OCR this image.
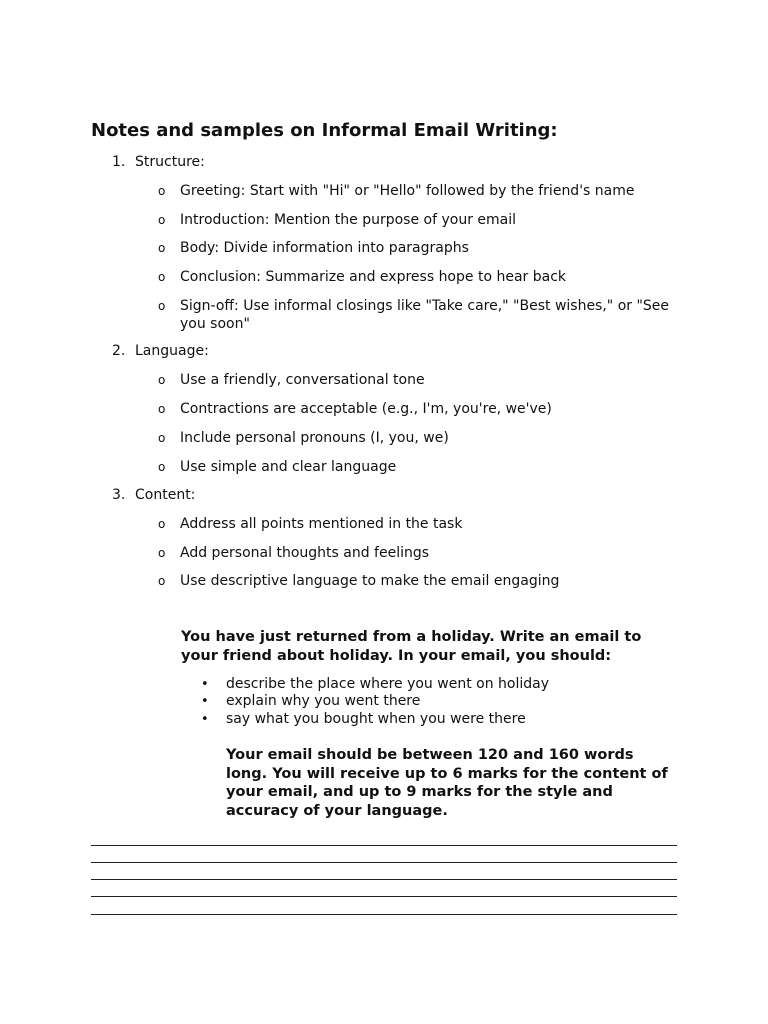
Notes and samples on Informal Email Writing:
1. Structure:
o Greeting: Start with "Hi" or "Hello" followed by the friend's name
o Introduction: Mention the purpose of your email
o Body: Divide information into paragraphs
o Conclusion: Summarize and express hope to hear back
o Sign-off: Use informal closings like "Take care," "Best wishes," or "See you soon"
2. Language:
o Use a friendly, conversational tone
o Contractions are acceptable (e.g., I'm, you're, we've)
o Include personal pronouns (I, you, we)
o Use simple and clear language
3. Content:
o Address all points mentioned in the task
o Add personal thoughts and feelings
o Use descriptive language to make the email engaging
You have just returned from a holiday. Write an email to your friend about holiday. In your email, you should:
• describe the place where you went on holiday
• explain why you went there
• say what you bought when you were there
Your email should be between 120 and 160 words long. You will receive up to 6 marks for the content of your email, and up to 9 marks for the style and accuracy of your language.
